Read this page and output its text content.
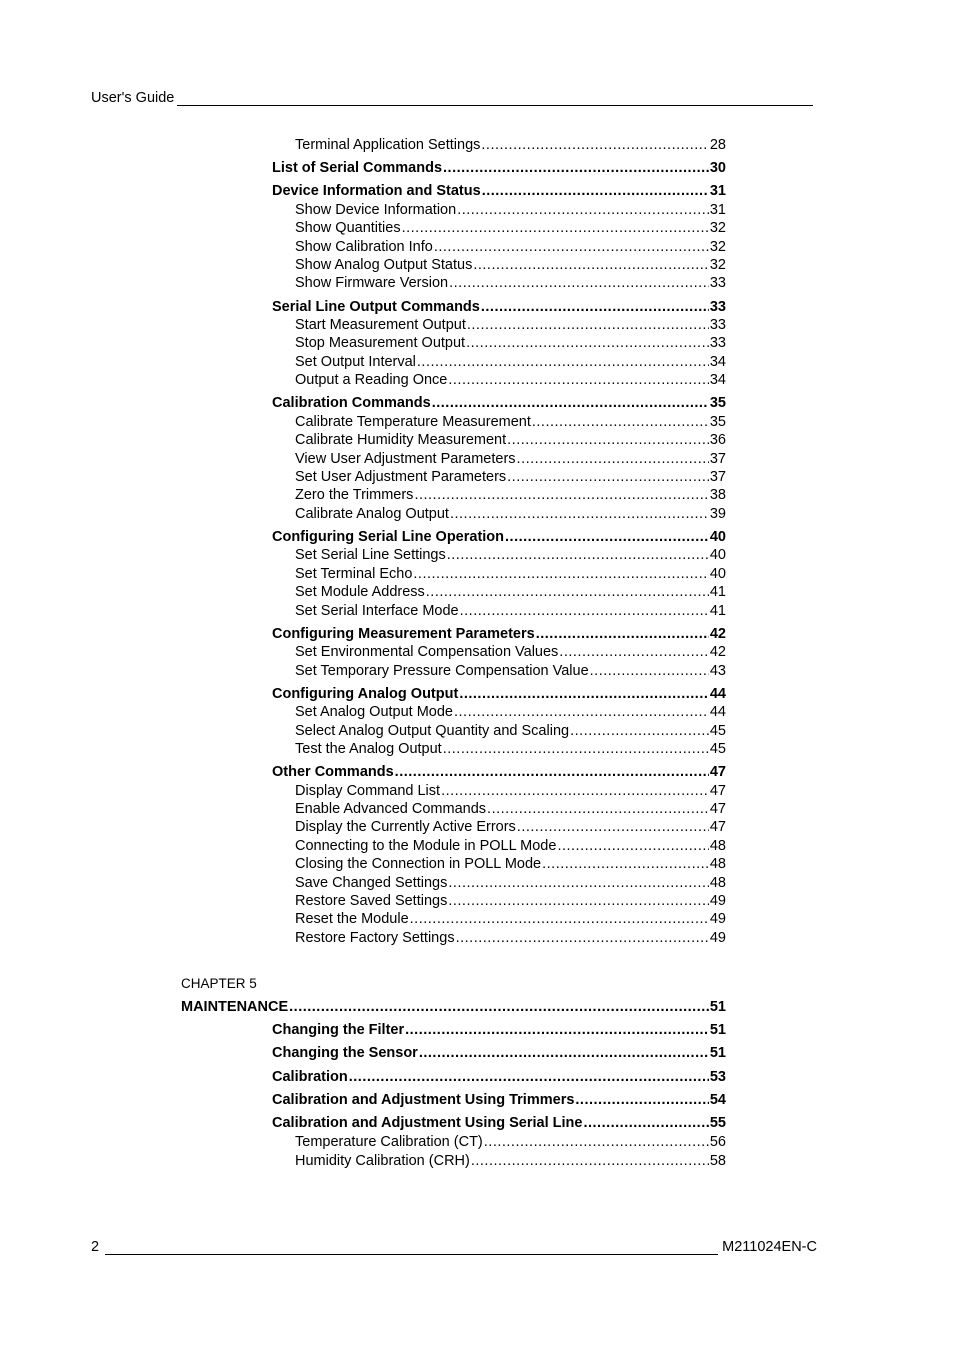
User's Guide
Terminal Application Settings .....	28
List of Serial Commands .....	30
Device Information and Status .....	31
Show Device Information .....	31
Show Quantities .....	32
Show Calibration Info .....	32
Show Analog Output Status .....	32
Show Firmware Version .....	33
Serial Line Output Commands .....	33
Start Measurement Output .....	33
Stop Measurement Output .....	33
Set Output Interval .....	34
Output a Reading Once .....	34
Calibration Commands .....	35
Calibrate Temperature Measurement .....	35
Calibrate Humidity Measurement .....	36
View User Adjustment Parameters .....	37
Set User Adjustment Parameters .....	37
Zero the Trimmers .....	38
Calibrate Analog Output .....	39
Configuring Serial Line Operation .....	40
Set Serial Line Settings .....	40
Set Terminal Echo .....	40
Set Module Address .....	41
Set Serial Interface Mode .....	41
Configuring Measurement Parameters .....	42
Set Environmental Compensation Values .....	42
Set Temporary Pressure Compensation Value .....	43
Configuring Analog Output .....	44
Set Analog Output Mode .....	44
Select Analog Output Quantity and Scaling .....	45
Test the Analog Output .....	45
Other Commands .....	47
Display Command List .....	47
Enable Advanced Commands .....	47
Display the Currently Active Errors .....	47
Connecting to the Module in POLL Mode .....	48
Closing the Connection in POLL Mode .....	48
Save Changed Settings .....	48
Restore Saved Settings .....	49
Reset the Module .....	49
Restore Factory Settings .....	49
MAINTENANCE .....	51
Changing the Filter .....	51
Changing the Sensor .....	51
Calibration .....	53
Calibration and Adjustment Using Trimmers .....	54
Calibration and Adjustment Using Serial Line .....	55
Temperature Calibration (CT) .....	56
Humidity Calibration (CRH) .....	58
CHAPTER 5
2	M211024EN-C
